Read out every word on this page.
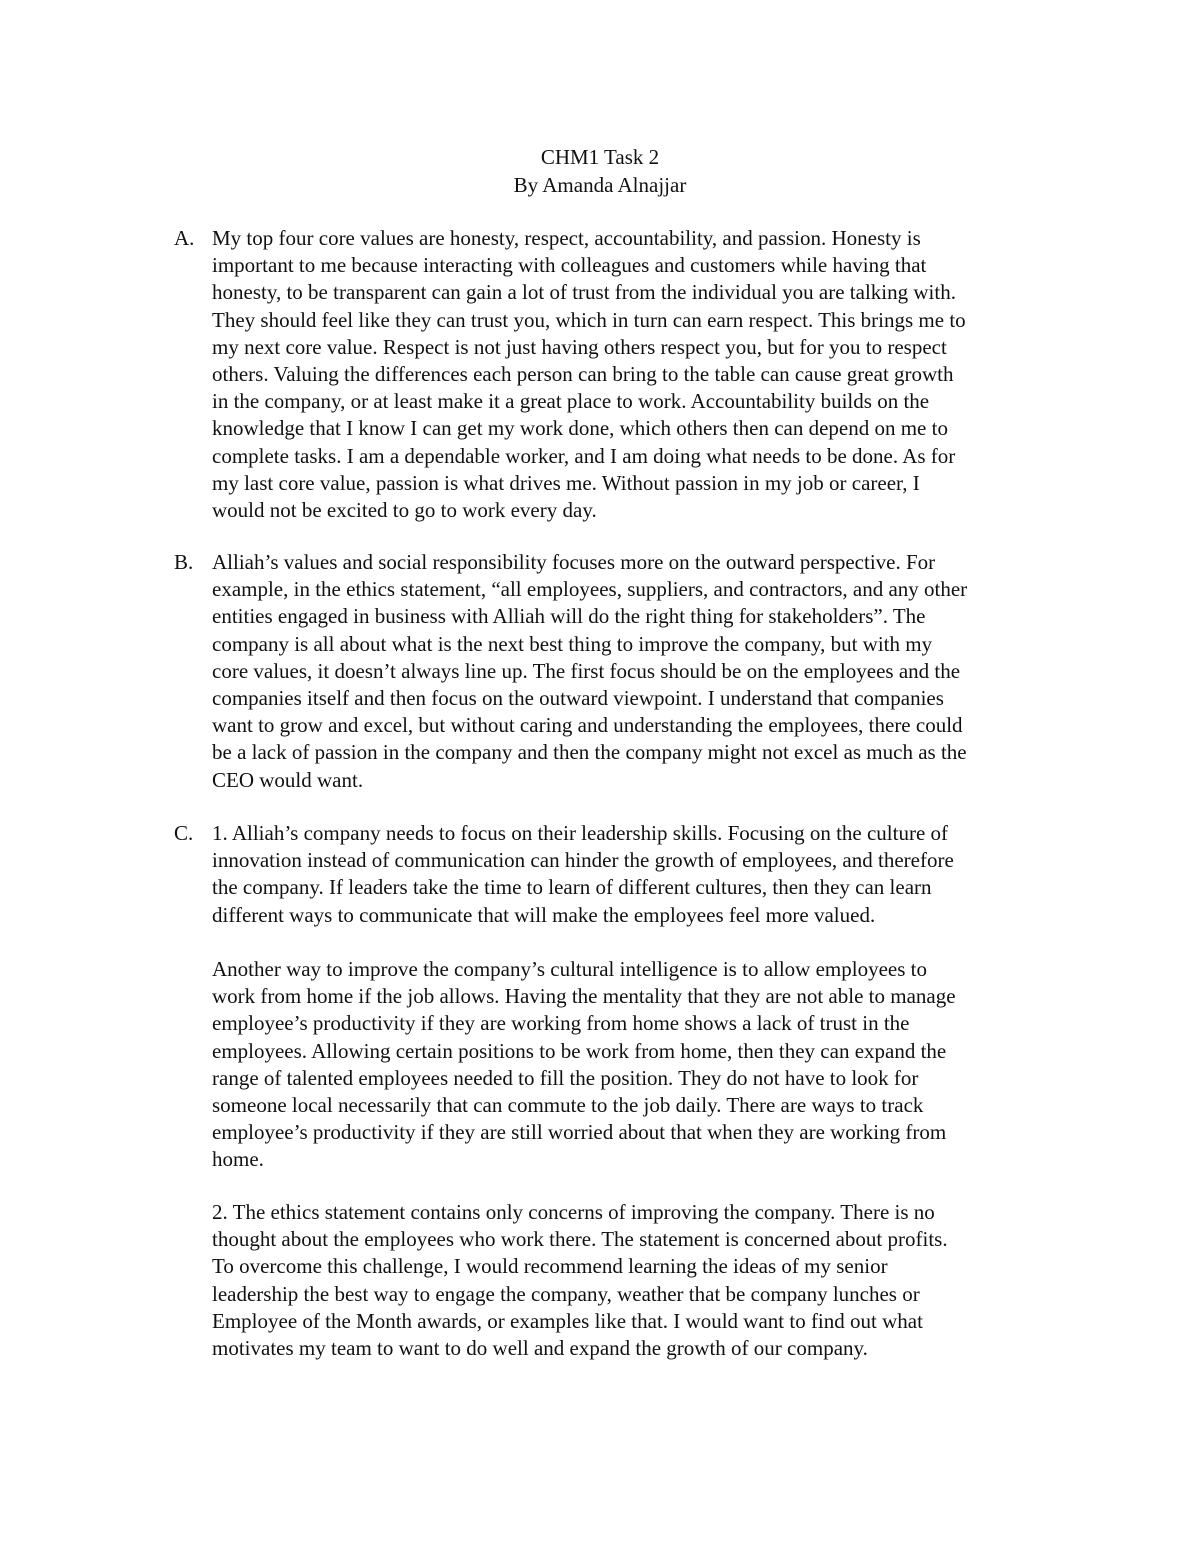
CHM1 Task 2
By Amanda Alnajjar
A. My top four core values are honesty, respect, accountability, and passion. Honesty is
important to me because interacting with colleagues and customers while having that
honesty, to be transparent can gain a lot of trust from the individual you are talking with.
They should feel like they can trust you, which in turn can earn respect. This brings me to
my next core value. Respect is not just having others respect you, but for you to respect
others. Valuing the differences each person can bring to the table can cause great growth
in the company, or at least make it a great place to work. Accountability builds on the
knowledge that I know I can get my work done, which others then can depend on me to
complete tasks. I am a dependable worker, and I am doing what needs to be done. As for
my last core value, passion is what drives me. Without passion in my job or career, I
would not be excited to go to work every day.
B. Alliah’s values and social responsibility focuses more on the outward perspective. For
example, in the ethics statement, “all employees, suppliers, and contractors, and any other
entities engaged in business with Alliah will do the right thing for stakeholders”. The
company is all about what is the next best thing to improve the company, but with my
core values, it doesn’t always line up. The first focus should be on the employees and the
companies itself and then focus on the outward viewpoint. I understand that companies
want to grow and excel, but without caring and understanding the employees, there could
be a lack of passion in the company and then the company might not excel as much as the
CEO would want.
C. 1. Alliah’s company needs to focus on their leadership skills. Focusing on the culture of
innovation instead of communication can hinder the growth of employees, and therefore
the company. If leaders take the time to learn of different cultures, then they can learn
different ways to communicate that will make the employees feel more valued.
Another way to improve the company’s cultural intelligence is to allow employees to
work from home if the job allows. Having the mentality that they are not able to manage
employee’s productivity if they are working from home shows a lack of trust in the
employees. Allowing certain positions to be work from home, then they can expand the
range of talented employees needed to fill the position. They do not have to look for
someone local necessarily that can commute to the job daily. There are ways to track
employee’s productivity if they are still worried about that when they are working from
home.
2. The ethics statement contains only concerns of improving the company. There is no
thought about the employees who work there. The statement is concerned about profits.
To overcome this challenge, I would recommend learning the ideas of my senior
leadership the best way to engage the company, weather that be company lunches or
Employee of the Month awards, or examples like that. I would want to find out what
motivates my team to want to do well and expand the growth of our company.
